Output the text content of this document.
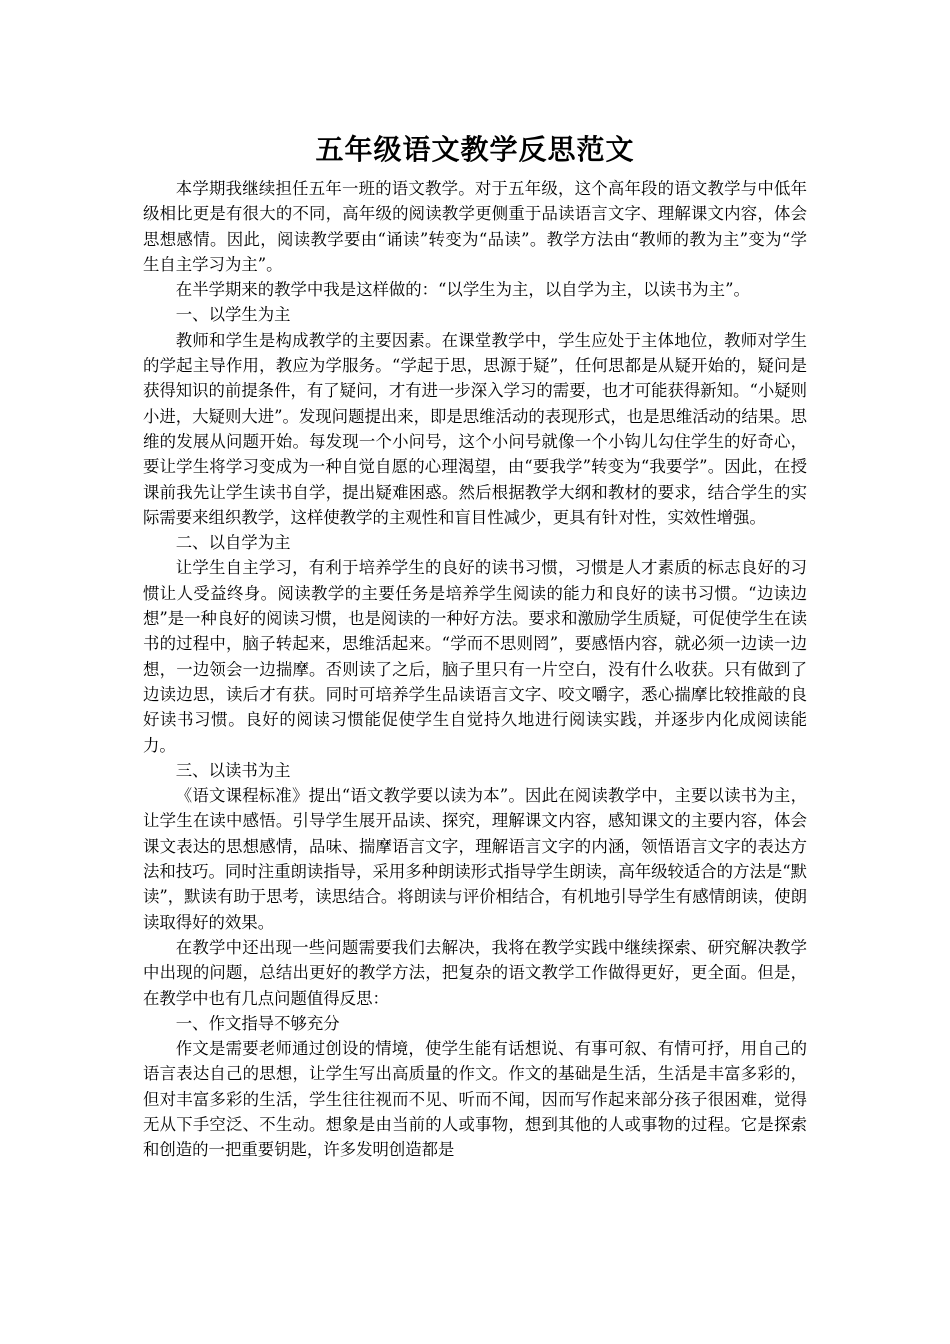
五年级语文教学反思范文

本学期我继续担任五年一班的语文教学。对于五年级，这个高年段的语文教学与中低年级相比更是有很大的不同，高年级的阅读教学更侧重于品读语言文字、理解课文内容，体会思想感情。因此，阅读教学要由“诵读”转变为“品读”。教学方法由“教师的教为主”变为“学生自主学习为主”。

在半学期来的教学中我是这样做的：“以学生为主，以自学为主，以读书为主”。

一、以学生为主

教师和学生是构成教学的主要因素。在课堂教学中，学生应处于主体地位，教师对学生的学起主导作用，教应为学服务。“学起于思，思源于疑”，任何思都是从疑开始的，疑问是获得知识的前提条件，有了疑问，才有进一步深入学习的需要，也才可能获得新知。“小疑则小进，大疑则大进”。发现问题提出来，即是思维活动的表现形式，也是思维活动的结果。思维的发展从问题开始。每发现一个小问号，这个小问号就像一个小钩儿勾住学生的好奇心，要让学生将学习变成为一种自觉自愿的心理渴望，由“要我学”转变为“我要学”。因此，在授课前我先让学生读书自学，提出疑难困惑。然后根据教学大纲和教材的要求，结合学生的实际需要来组织教学，这样使教学的主观性和盲目性减少，更具有针对性，实效性增强。

二、以自学为主

让学生自主学习，有利于培养学生的良好的读书习惯，习惯是人才素质的标志良好的习惯让人受益终身。阅读教学的主要任务是培养学生阅读的能力和良好的读书习惯。“边读边想”是一种良好的阅读习惯，也是阅读的一种好方法。要求和激励学生质疑，可促使学生在读书的过程中，脑子转起来，思维活起来。“学而不思则罔”，要感悟内容，就必须一边读一边想，一边领会一边揣摩。否则读了之后，脑子里只有一片空白，没有什么收获。只有做到了边读边思，读后才有获。同时可培养学生品读语言文字、咬文嚼字，悉心揣摩比较推敲的良好读书习惯。良好的阅读习惯能促使学生自觉持久地进行阅读实践，并逐步内化成阅读能力。

三、以读书为主

《语文课程标准》提出“语文教学要以读为本”。因此在阅读教学中，主要以读书为主，让学生在读中感悟。引导学生展开品读、探究，理解课文内容，感知课文的主要内容，体会课文表达的思想感情，品味、揣摩语言文字，理解语言文字的内涵，领悟语言文字的表达方法和技巧。同时注重朗读指导，采用多种朗读形式指导学生朗读，高年级较适合的方法是“默读”，默读有助于思考，读思结合。将朗读与评价相结合，有机地引导学生有感情朗读，使朗读取得好的效果。

在教学中还出现一些问题需要我们去解决，我将在教学实践中继续探索、研究解决教学中出现的问题，总结出更好的教学方法，把复杂的语文教学工作做得更好，更全面。但是，在教学中也有几点问题值得反思：

一、作文指导不够充分

作文是需要老师通过创设的情境，使学生能有话想说、有事可叙、有情可抒，用自己的语言表达自己的思想，让学生写出高质量的作文。作文的基础是生活，生活是丰富多彩的，但对丰富多彩的生活，学生往往视而不见、听而不闻，因而写作起来部分孩子很困难，觉得无从下手空泛、不生动。想象是由当前的人或事物，想到其他的人或事物的过程。它是探索和创造的一把重要钥匙，许多发明创造都是
